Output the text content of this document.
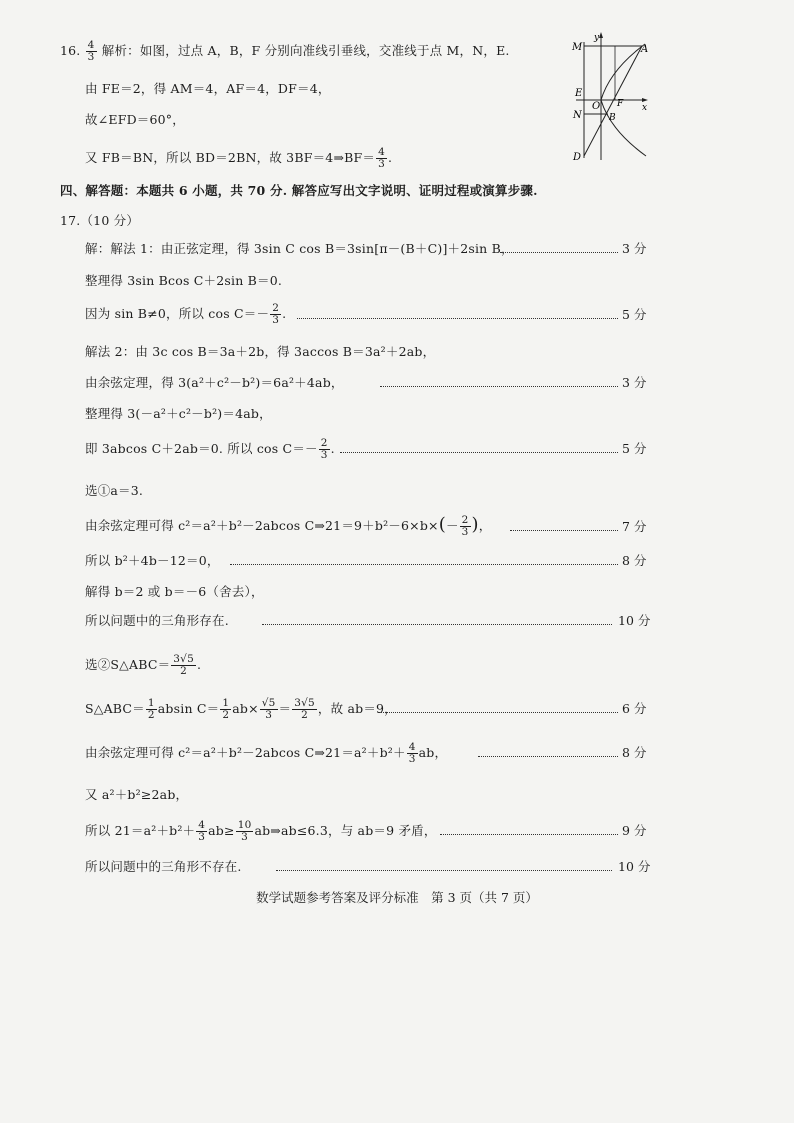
16. $\frac{4}{3}$ 解析：如图，过点 A，B，F 分别向准线引垂线，交准线于点 M，N，E.
由 FE＝2，得 AM＝4，AF＝4，DF＝4，
故∠EFD＝60°，
又 FB＝BN，所以 BD＝2BN，故 3BF＝4⇒BF＝ $\frac{4}{3}$ .
M
y
A
E
O F x
N	B
D
四、解答题：本题共 6 小题，共 70 分. 解答应写出文字说明、证明过程或演算步骤.
17.（10 分）
解：解法 1：由正弦定理，得 3sin C cos B＝3sin[π－(B＋C)]＋2sin B，	3 分
整理得 3sin Bcos C＋2sin B＝0.
因为 sin B≠0，所以 $\cos C=- \frac{2}{3}$ .	5 分
解法 2：由 3c cos B＝3a＋2b，得 3accos B＝3a²＋2ab，
由余弦定理，得 3(a²＋c²－b²)＝6a²＋4ab，	3 分
整理得 3(－a²＋c²－b²)＝4ab，
即 3abcos C＋2ab＝0. 所以 $\cos C=- \frac{2}{3}$ .	5 分
选①a＝3.
由余弦定理可得 c²＝a²＋b²－2abcos C⇒21＝9＋b²－6×b×(－ $\frac{2}{3}$ )，	7 分
所以 b²＋4b－12＝0，	8 分
解得 b＝2 或 b＝－6（舍去），
所以问题中的三角形存在.	10 分
选②S△ABC＝ $\frac{3√5}{2}$ .
S△ABC＝ $\frac{1}{2}$ absin $C= \frac{1}{2} ab\times \frac{√5}{3} = \frac{3√5}{2}$ ，故 ab＝9，	6 分
由余弦定理可得 c²＝a²＋b²－2abcos C⇒21＝a²＋b²＋ $\frac{4}{3}$ ab，	8 分
又 a²＋b²≥2ab，
所以 $21=a^2+b^2+ \frac{4}{3} ab\ge \frac{10}{3}$ ab⇒ab≤6.3，与 ab＝9 矛盾，	9 分
所以问题中的三角形不存在.	10 分
数学试题参考答案及评分标准　第 3 页（共 7 页）
